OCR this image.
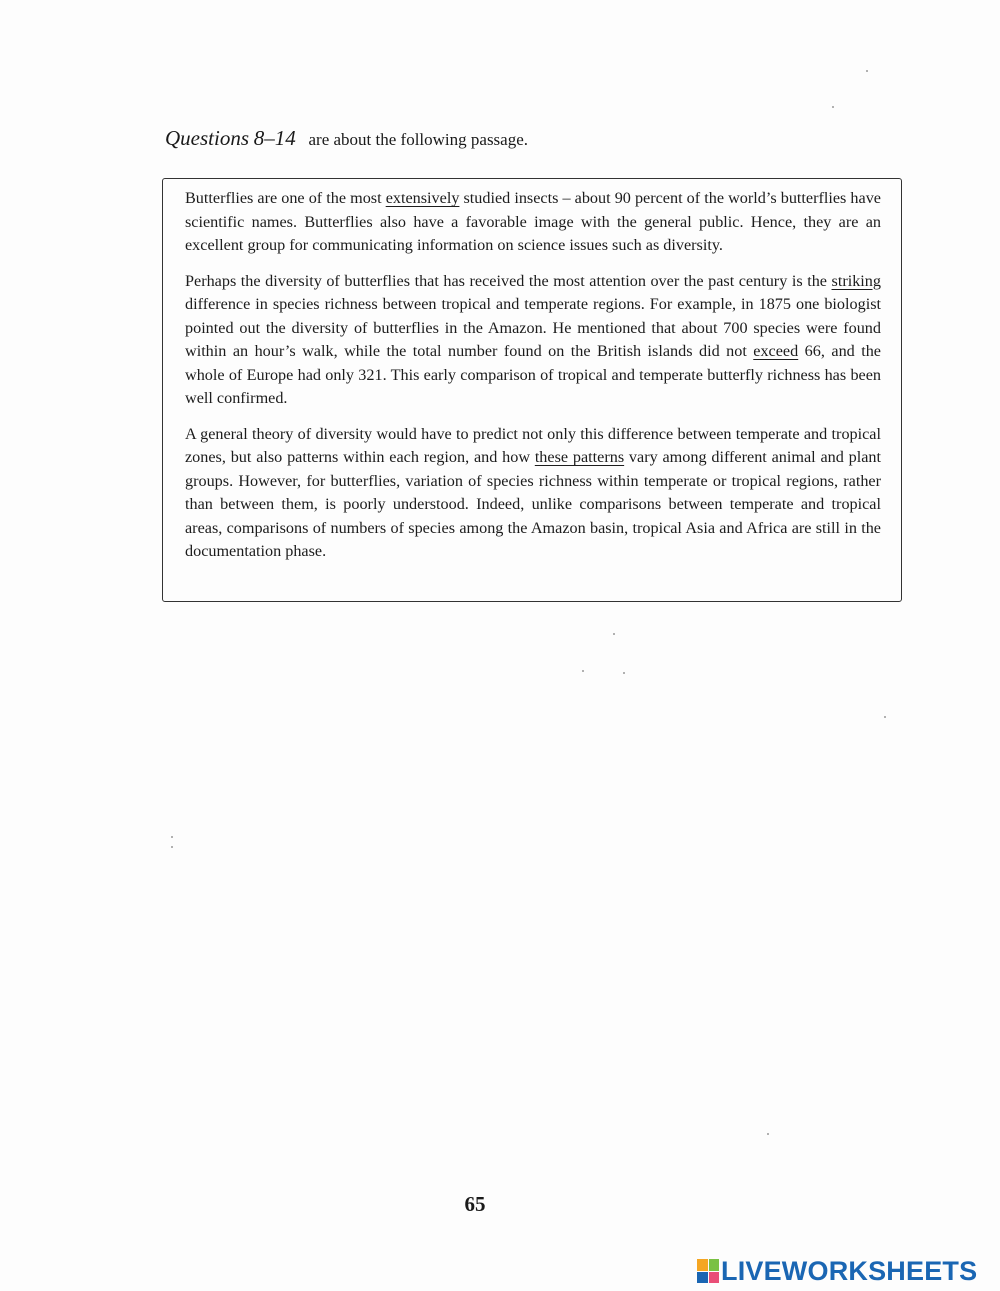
Questions 8–14 are about the following passage.

Butterflies are one of the most extensively studied insects – about 90 percent of the world’s butterflies have scientific names. Butterflies also have a favorable image with the general public. Hence, they are an excellent group for communicating information on science issues such as diversity.

Perhaps the diversity of butterflies that has received the most attention over the past century is the striking difference in species richness between tropical and temperate regions. For example, in 1875 one biologist pointed out the diversity of butterflies in the Amazon. He mentioned that about 700 species were found within an hour’s walk, while the total number found on the British islands did not exceed 66, and the whole of Europe had only 321. This early comparison of tropical and temperate butterfly richness has been well confirmed.

A general theory of diversity would have to predict not only this difference between temperate and tropical zones, but also patterns within each region, and how these patterns vary among different animal and plant groups. However, for butterflies, variation of species richness within temperate or tropical regions, rather than between them, is poorly understood. Indeed, unlike comparisons between temperate and tropical areas, comparisons of numbers of species among the Amazon basin, tropical Asia and Africa are still in the documentation phase.

65
LIVEWORKSHEETS
